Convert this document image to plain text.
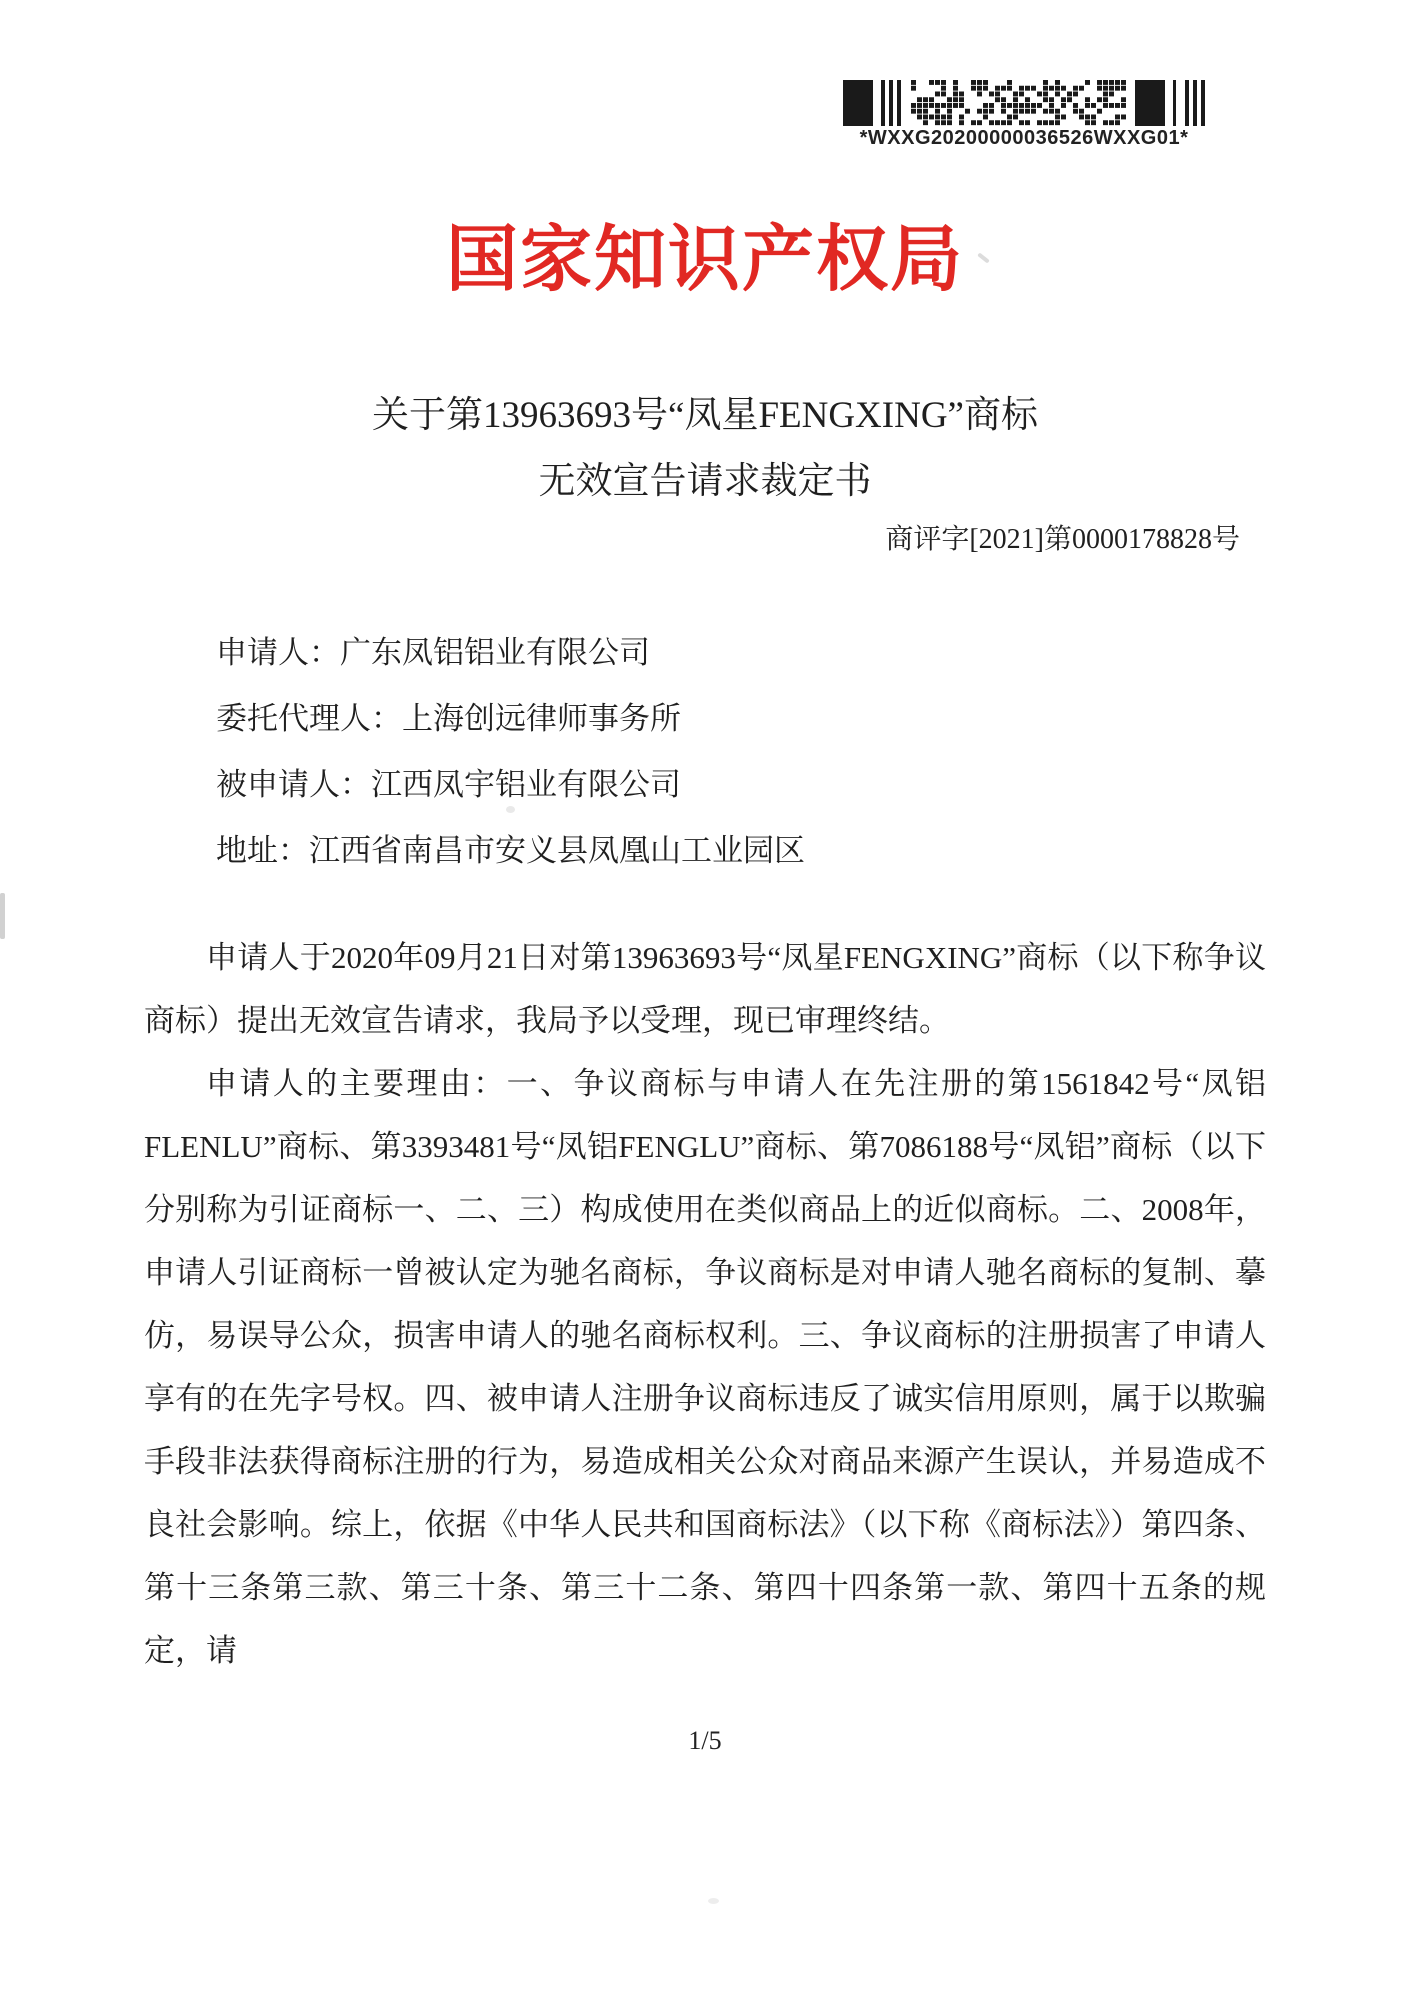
*WXXG20200000036526WXXG01*
国家知识产权局
关于第13963693号“凤星FENGXING”商标
无效宣告请求裁定书
商评字[2021]第0000178828号
申请人：广东凤铝铝业有限公司
委托代理人：上海创远律师事务所
被申请人：江西凤宇铝业有限公司
地址：江西省南昌市安义县凤凰山工业园区

申请人于2020年09月21日对第13963693号“凤星FENGXING”商标（以下称争议商标）提出无效宣告请求，我局予以受理，现已审理终结。

申请人的主要理由：一、争议商标与申请人在先注册的第1561842号“凤铝 FLENLU”商标、第3393481号“凤铝FENGLU”商标、第7086188号“凤铝”商标（以下分别称为引证商标一、二、三）构成使用在类似商品上的近似商标。二、2008年，申请人引证商标一曾被认定为驰名商标，争议商标是对申请人驰名商标的复制、摹仿，易误导公众，损害申请人的驰名商标权利。三、争议商标的注册损害了申请人享有的在先字号权。四、被申请人注册争议商标违反了诚实信用原则，属于以欺骗手段非法获得商标注册的行为，易造成相关公众对商品来源产生误认，并易造成不良社会影响。综上，依据《中华人民共和国商标法》（以下称《商标法》）第四条、第十三条第三款、第三十条、第三十二条、第四十四条第一款、第四十五条的规定，请

1/5
